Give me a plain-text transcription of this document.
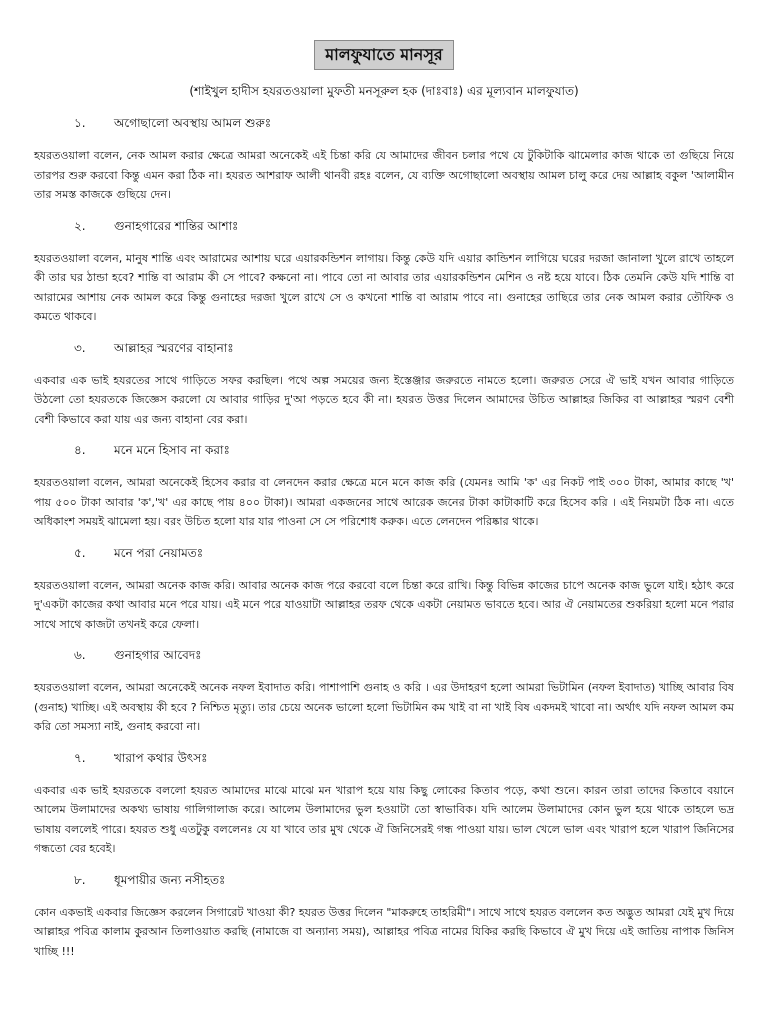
মালফুযাতে মানসূর

(শাইখুল হাদীস হযরতওয়ালা মুফতী মনসূরুল হক (দাঃবাঃ) এর মূল্যবান মালফুযাত)

১.	অগোছালো অবস্থায় আমল শুরুঃ

হযরতওয়ালা বলেন, নেক আমল করার ক্ষেত্রে আমরা অনেকেই এই চিন্তা করি যে আমাদের জীবন চলার পথে যে টুকিটাকি ঝামেলার কাজ থাকে তা গুছিয়ে নিয়ে তারপর শুরু করবো কিন্তু এমন করা ঠিক না। হযরত আশরাফ আলী থানবী রহঃ বলেন, যে ব্যক্তি অগোছালো অবস্থায় আমল চালু করে দেয় আল্লাহ বকুল 'আলামীন তার সমস্ত কাজকে গুছিয়ে দেন।

২.	গুনাহগারের শান্তির আশাঃ

হযরতওয়ালা বলেন, মানুষ শান্তি এবং আরামের আশায় ঘরে এয়ারকন্ডিশন লাগায়। কিন্তু কেউ যদি এয়ার কান্ডিশন লাগিয়ে ঘরের দরজা জানালা খুলে রাখে তাহলে কী তার ঘর ঠান্ডা হবে? শান্তি বা আরাম কী সে পাবে? কক্ষনো না। পাবে তো না আবার তার এয়ারকন্ডিশন মেশিন ও নষ্ট হয়ে যাবে। ঠিক তেমনি কেউ যদি শান্তি বা আরামের আশায় নেক আমল করে কিন্তু গুনাহের দরজা খুলে রাখে সে ও কখনো শান্তি বা আরাম পাবে না। গুনাহের তাছিরে তার নেক আমল করার তৌফিক ও কমতে থাকবে।

৩.	আল্লাহর স্মরণের বাহানাঃ

একবার এক ভাই হযরতের সাথে গাড়িতে সফর করছিল। পথে অল্প সময়ের জন্য ইস্তেঞ্জার জরুরতে নামতে হলো। জরুরত সেরে ঐ ভাই যখন আবার গাড়িতে উঠলো তো হযরতকে জিজ্ঞেস করলো যে আবার গাড়ির দু'আ পড়তে হবে কী না। হযরত উত্তর দিলেন আমাদের উচিত আল্লাহর জিকির বা আল্লাহর স্মরণ বেশী বেশী কিভাবে করা যায় এর জন্য বাহানা বের করা।

৪.	মনে মনে হিসাব না করাঃ

হযরতওয়ালা বলেন, আমরা অনেকেই হিসেব করার বা লেনদেন করার ক্ষেত্রে মনে মনে কাজ করি (যেমনঃ আমি 'ক' এর নিকট পাই ৩০০ টাকা, আমার কাছে 'খ' পায় ৫০০ টাকা আবার 'ক','খ' এর কাছে পায় ৪০০ টাকা)। আমরা একজনের সাথে আরেক জনের টাকা কাটাকাটি করে হিসেব করি । এই নিয়মটা ঠিক না। এতে অধিকাংশ সময়ই ঝামেলা হয়। বরং উচিত হলো যার যার পাওনা সে সে পরিশোধ করুক। এতে লেনদেন পরিষ্কার থাকে।

৫.	মনে পরা নেয়ামতঃ

হযরতওয়ালা বলেন, আমরা অনেক কাজ করি। আবার অনেক কাজ পরে করবো বলে চিন্তা করে রাখি। কিন্তু বিভিন্ন কাজের চাপে অনেক কাজ ভুলে যাই। হঠাৎ করে দু'একটা কাজের কথা আবার মনে পরে যায়। এই মনে পরে যাওয়াটা আল্লাহর তরফ থেকে একটা নেয়ামত ভাবতে হবে। আর ঐ নেয়ামতের শুকরিয়া হলো মনে পরার সাথে সাথে কাজটা তখনই করে ফেলা।

৬.	গুনাহগার আবেদঃ

হযরতওয়ালা বলেন, আমরা অনেকেই অনেক নফল ইবাদাত করি। পাশাপাশি গুনাহ ও করি । এর উদাহরণ হলো আমরা ভিটামিন (নফল ইবাদাত) খাচ্ছি আবার বিষ (গুনাহ) খাচ্ছি। এই অবস্থায় কী হবে ? নিশ্চিত মৃত্যু। তার চেয়ে অনেক ভালো হলো ভিটামিন কম খাই বা না খাই বিষ একদমই খাবো না। অর্থাৎ যদি নফল আমল কম করি তো সমস্যা নাই, গুনাহ করবো না।

৭.	খারাপ কথার উৎসঃ

একবার এক ভাই হযরতকে বললো হযরত আমাদের মাঝে মাঝে মন খারাপ হয়ে যায় কিছু লোকের কিতাব পড়ে, কথা শুনে। কারন তারা তাদের কিতাবে বয়ানে আলেম উলামাদের অকথ্য ভাষায় গালিগালাজ করে। আলেম উলামাদের ভুল হওয়াটা তো স্বাভাবিক। যদি আলেম উলামাদের কোন ভুল হয়ে থাকে তাহলে ভদ্র ভাষায় বললেই পারে। হযরত শুধু এতটুকু বললেনঃ যে যা খাবে তার মুখ থেকে ঐ জিনিসেরই গন্ধ পাওয়া যায়। ভাল খেলে ভাল এবং খারাপ হলে খারাপ জিনিসের গন্ধতো বের হবেই।

৮.	ধূমপায়ীর জন্য নসীহতঃ

কোন একভাই একবার জিজ্ঞেস করলেন সিগারেট খাওয়া কী? হযরত উত্তর দিলেন "মাকরুহে তাহরিমী"। সাথে সাথে হযরত বললেন কত অদ্ভুত আমরা যেই মুখ দিয়ে আল্লাহর পবিত্র কালাম কুরআন তিলাওয়াত করছি (নামাজে বা অন্যান্য সময়), আল্লাহর পবিত্র নামের যিকির করছি কিভাবে ঐ মুখ দিয়ে এই জাতিয় নাপাক জিনিস খাচ্ছি !!!
